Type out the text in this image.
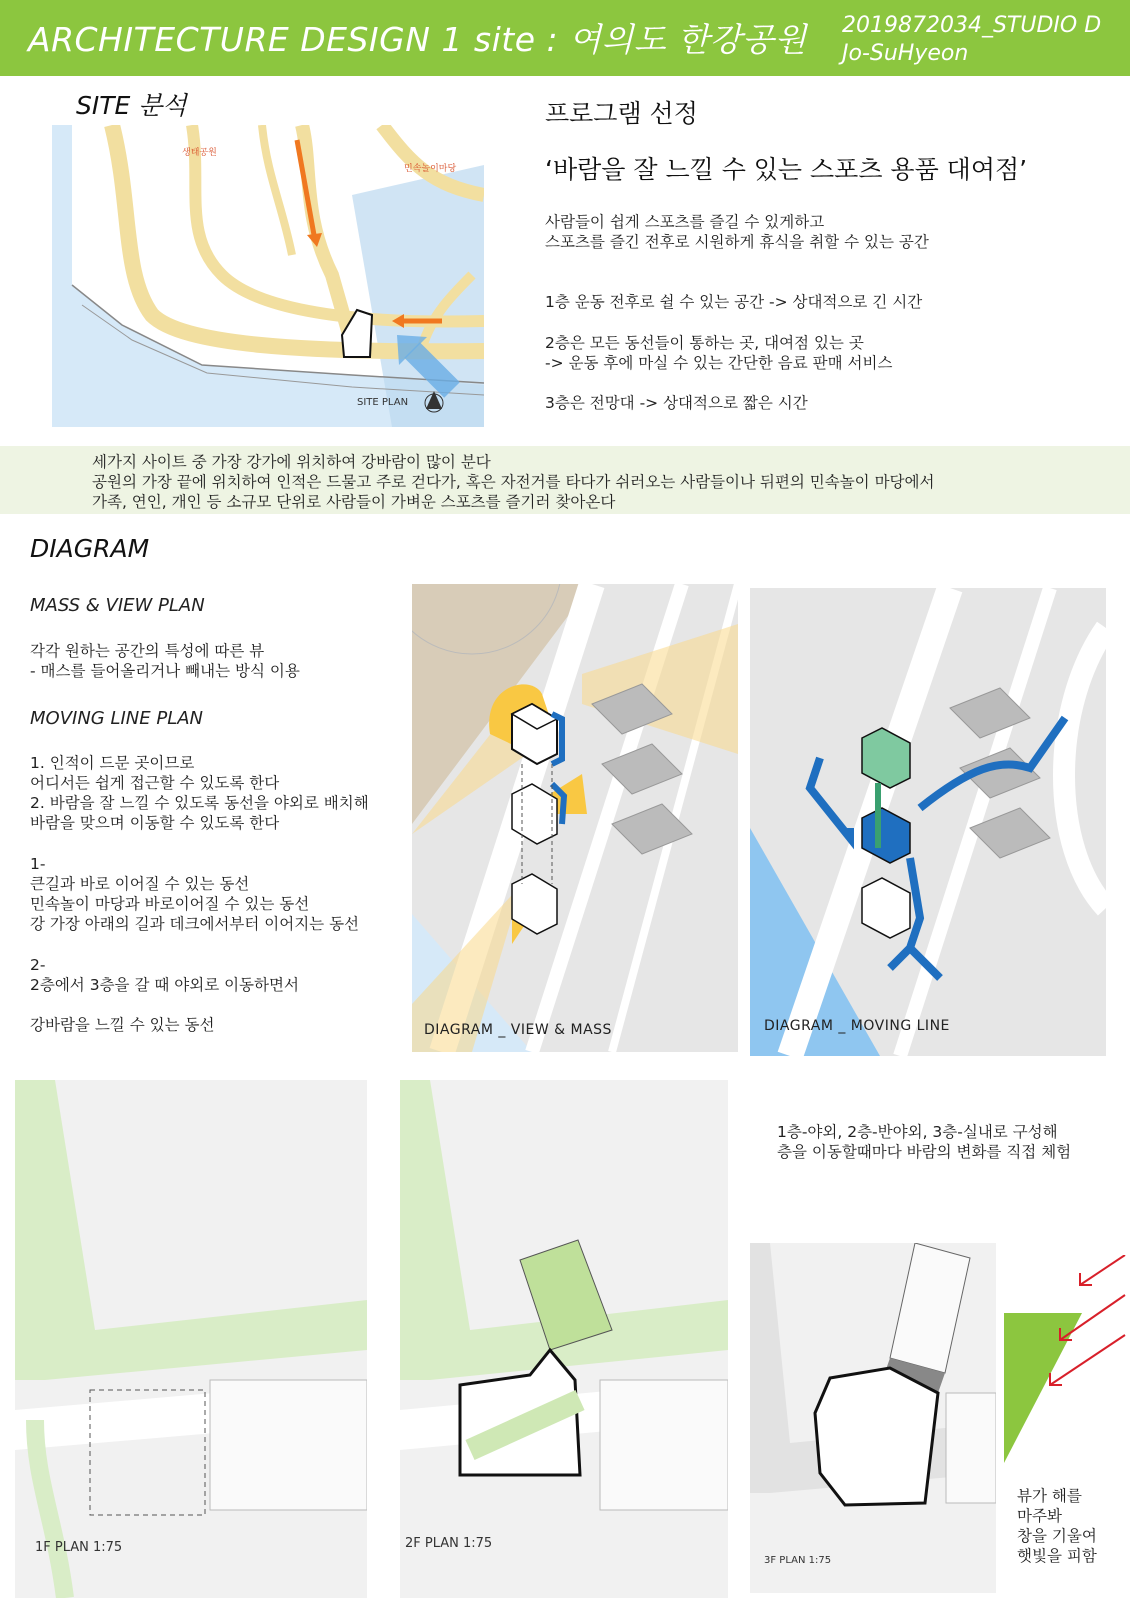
ARCHITECTURE DESIGN 1 site : 여의도 한강공원 2019872034_STUDIO D
Jo-SuHyeon
SITE 분석
생태공원
민속놀이마당
SITE PLAN
프로그램 선정
‘바람을 잘 느낄 수 있는 스포츠 용품 대여점’
사람들이 쉽게 스포츠를 즐길 수 있게하고
스포츠를 즐긴 전후로 시원하게 휴식을 취할 수 있는 공간
1층 운동 전후로 쉴 수 있는 공간 -> 상대적으로 긴 시간
2층은 모든 동선들이 통하는 곳, 대여점 있는 곳
-> 운동 후에 마실 수 있는 간단한 음료 판매 서비스
3층은 전망대 -> 상대적으로 짧은 시간
세가지 사이트 중 가장 강가에 위치하여 강바람이 많이 분다
공원의 가장 끝에 위치하여 인적은 드물고 주로 걷다가, 혹은 자전거를 타다가 쉬러오는 사람들이나 뒤편의 민속놀이 마당에서
가족, 연인, 개인 등 소규모 단위로 사람들이 가벼운 스포츠를 즐기러 찾아온다
DIAGRAM
MASS & VIEW PLAN
각각 원하는 공간의 특성에 따른 뷰
- 매스를 들어올리거나 빼내는 방식 이용
MOVING LINE PLAN
1. 인적이 드문 곳이므로
어디서든 쉽게 접근할 수 있도록 한다
2. 바람을 잘 느낄 수 있도록 동선을 야외로 배치해
바람을 맞으며 이동할 수 있도록 한다
1-
큰길과 바로 이어질 수 있는 동선
민속놀이 마당과 바로이어질 수 있는 동선
강 가장 아래의 길과 데크에서부터 이어지는 동선
2-
2층에서 3층을 갈 때 야외로 이동하면서

강바람을 느낄 수 있는 동선	DIAGRAM _ VIEW & MASS	DIAGRAM _ MOVING LINE
1F PLAN 1:75	2F PLAN 1:75
1층-야외, 2층-반야외, 3층-실내로 구성해
층을 이동할때마다 바람의 변화를 직접 체험
3F PLAN 1:75
뷰가 해를
마주봐
창을 기울여
햇빛을 피함
